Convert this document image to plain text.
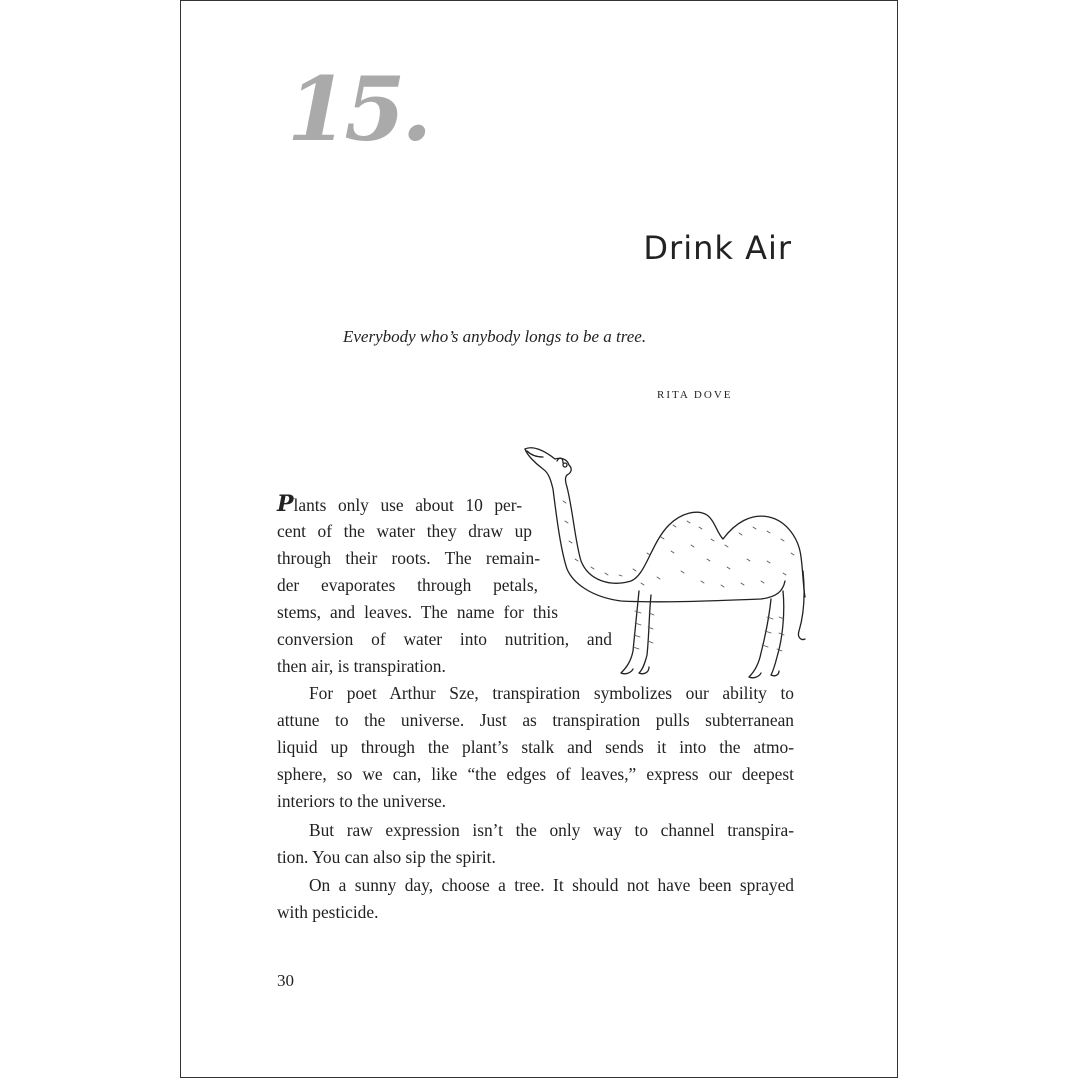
15.
Drink Air
Everybody who’s anybody longs to be a tree.
RITA DOVE
Plants only use about 10 per-
cent of the water they draw up
through their roots. The remain-
der evaporates through petals,
stems, and leaves. The name for this
conversion of water into nutrition, and
then air, is transpiration.
For poet Arthur Sze, transpiration symbolizes our ability to
attune to the universe. Just as transpiration pulls subterranean
liquid up through the plant’s stalk and sends it into the atmo-
sphere, so we can, like “the edges of leaves,” express our deepest
interiors to the universe.
But raw expression isn’t the only way to channel transpira-
tion. You can also sip the spirit.
On a sunny day, choose a tree. It should not have been sprayed
with pesticide.
30
